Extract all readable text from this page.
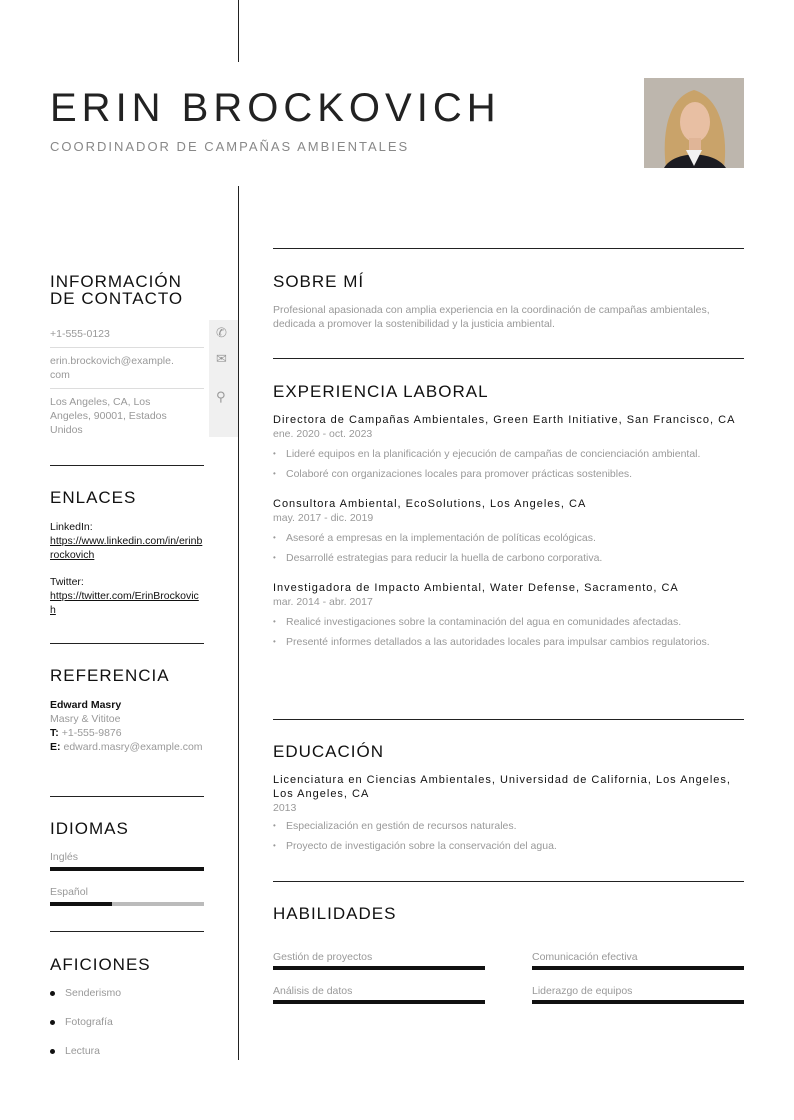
ERIN BROCKOVICH
COORDINADOR DE CAMPAÑAS AMBIENTALES
INFORMACIÓN DE CONTACTO
+1-555-0123
erin.brockovich@example.com
Los Angeles, CA, Los Angeles, 90001, Estados Unidos
✆
✉
⚲
ENLACES
LinkedIn:
https://www.linkedin.com/in/erinbrockovich
Twitter:
https://twitter.com/ErinBrockovich
REFERENCIA
Edward Masry
Masry & Vititoe
T: +1-555-9876
E: edward.masry@example.com
IDIOMAS
Inglés
Español
AFICIONES
Senderismo
Fotografía
Lectura
SOBRE MÍ
Profesional apasionada con amplia experiencia en la coordinación de campañas ambientales, dedicada a promover la sostenibilidad y la justicia ambiental.
EXPERIENCIA LABORAL
Directora de Campañas Ambientales, Green Earth Initiative, San Francisco, CA
ene. 2020 - oct. 2023
• Lideré equipos en la planificación y ejecución de campañas de concienciación ambiental.
• Colaboré con organizaciones locales para promover prácticas sostenibles.
Consultora Ambiental, EcoSolutions, Los Angeles, CA
may. 2017 - dic. 2019
• Asesoré a empresas en la implementación de políticas ecológicas.
• Desarrollé estrategias para reducir la huella de carbono corporativa.
Investigadora de Impacto Ambiental, Water Defense, Sacramento, CA
mar. 2014 - abr. 2017
• Realicé investigaciones sobre la contaminación del agua en comunidades afectadas.
• Presenté informes detallados a las autoridades locales para impulsar cambios regulatorios.
EDUCACIÓN
Licenciatura en Ciencias Ambientales, Universidad de California, Los Angeles, Los Angeles, CA
2013
• Especialización en gestión de recursos naturales.
• Proyecto de investigación sobre la conservación del agua.
HABILIDADES
Gestión de proyectos	Comunicación efectiva
Análisis de datos	Liderazgo de equipos
